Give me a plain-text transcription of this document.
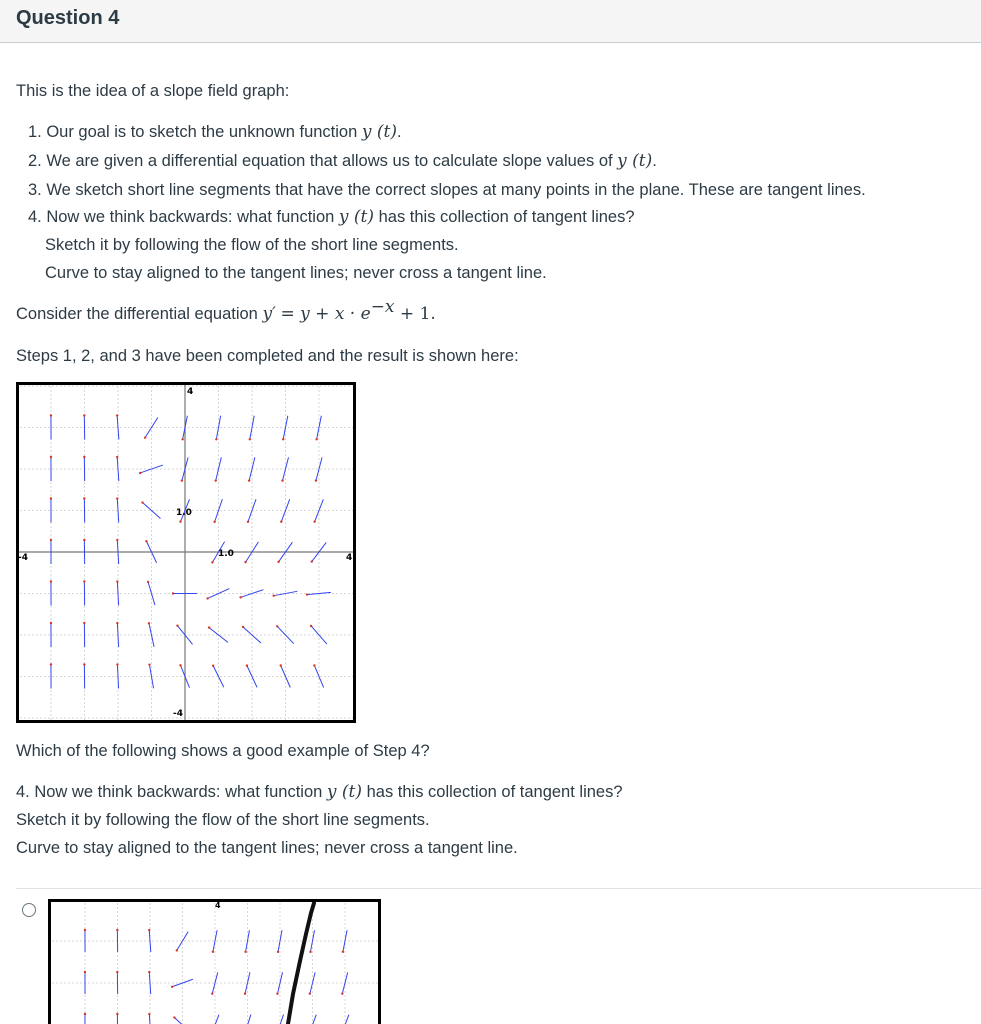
Question 4
This is the idea of a slope field graph:
1. Our goal is to sketch the unknown function y (t).
2. We are given a differential equation that allows us to calculate slope values of y (t).
3. We sketch short line segments that have the correct slopes at many points in the plane. These are tangent lines.
4. Now we think backwards: what function y (t) has this collection of tangent lines?
Sketch it by following the flow of the short line segments.
Curve to stay aligned to the tangent lines; never cross a tangent line.
Consider the differential equation $y' = y + x \cdot e^{-x} + 1$.
Steps 1, 2, and 3 have been completed and the result is shown here:
-4	4
4
-4
1.0
1.0
Which of the following shows a good example of Step 4?
4. Now we think backwards: what function y (t) has this collection of tangent lines?
Sketch it by following the flow of the short line segments.
Curve to stay aligned to the tangent lines; never cross a tangent line.
4
